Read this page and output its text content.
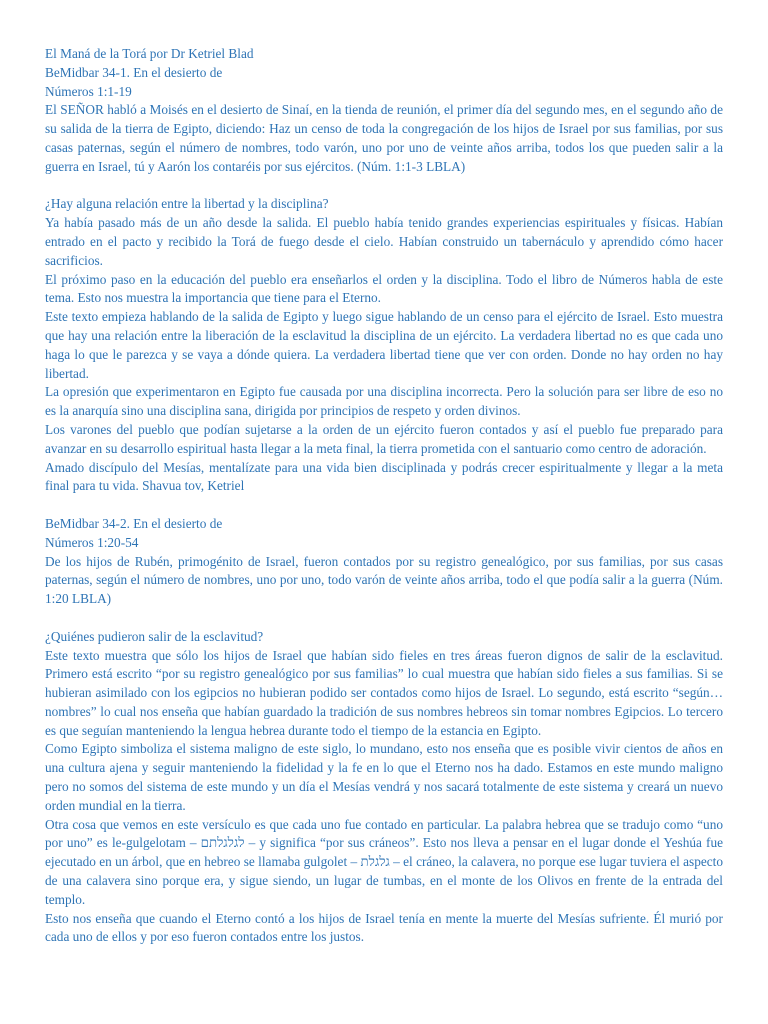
El Maná de la Torá por Dr Ketriel Blad

BeMidbar 34-1. En el desierto de

Números 1:1-19

El SEÑOR habló a Moisés en el desierto de Sinaí, en la tienda de reunión, el primer día del segundo mes, en el segundo año de su salida de la tierra de Egipto, diciendo: Haz un censo de toda la congregación de los hijos de Israel por sus familias, por sus casas paternas, según el número de nombres, todo varón, uno por uno de veinte años arriba, todos los que pueden salir a la guerra en Israel, tú y Aarón los contaréis por sus ejércitos. (Núm. 1:1-3 LBLA)

¿Hay alguna relación entre la libertad y la disciplina?

Ya había pasado más de un año desde la salida. El pueblo había tenido grandes experiencias espirituales y físicas. Habían entrado en el pacto y recibido la Torá de fuego desde el cielo. Habían construido un tabernáculo y aprendido cómo hacer sacrificios.

El próximo paso en la educación del pueblo era enseñarlos el orden y la disciplina. Todo el libro de Números habla de este tema. Esto nos muestra la importancia que tiene para el Eterno.

Este texto empieza hablando de la salida de Egipto y luego sigue hablando de un censo para el ejército de Israel. Esto muestra que hay una relación entre la liberación de la esclavitud la disciplina de un ejército. La verdadera libertad no es que cada uno haga lo que le parezca y se vaya a dónde quiera. La verdadera libertad tiene que ver con orden. Donde no hay orden no hay libertad.

La opresión que experimentaron en Egipto fue causada por una disciplina incorrecta. Pero la solución para ser libre de eso no es la anarquía sino una disciplina sana, dirigida por principios de respeto y orden divinos.

Los varones del pueblo que podían sujetarse a la orden de un ejército fueron contados y así el pueblo fue preparado para avanzar en su desarrollo espiritual hasta llegar a la meta final, la tierra prometida con el santuario como centro de adoración.

Amado discípulo del Mesías, mentalízate para una vida bien disciplinada y podrás crecer espiritualmente y llegar a la meta final para tu vida. Shavua tov, Ketriel

BeMidbar 34-2. En el desierto de

Números 1:20-54

De los hijos de Rubén, primogénito de Israel, fueron contados por su registro genealógico, por sus familias, por sus casas paternas, según el número de nombres, uno por uno, todo varón de veinte años arriba, todo el que podía salir a la guerra (Núm. 1:20 LBLA)

¿Quiénes pudieron salir de la esclavitud?

Este texto muestra que sólo los hijos de Israel que habían sido fieles en tres áreas fueron dignos de salir de la esclavitud. Primero está escrito “por su registro genealógico por sus familias” lo cual muestra que habían sido fieles a sus familias. Si se hubieran asimilado con los egipcios no hubieran podido ser contados como hijos de Israel. Lo segundo, está escrito “según… nombres” lo cual nos enseña que habían guardado la tradición de sus nombres hebreos sin tomar nombres Egipcios. Lo tercero es que seguían manteniendo la lengua hebrea durante todo el tiempo de la estancia en Egipto.

Como Egipto simboliza el sistema maligno de este siglo, lo mundano, esto nos enseña que es posible vivir cientos de años en una cultura ajena y seguir manteniendo la fidelidad y la fe en lo que el Eterno nos ha dado. Estamos en este mundo maligno pero no somos del sistema de este mundo y un día el Mesías vendrá y nos sacará totalmente de este sistema y creará un nuevo orden mundial en la tierra.

Otra cosa que vemos en este versículo es que cada uno fue contado en particular. La palabra hebrea que se tradujo como “uno por uno” es le-gulgelotam – לגלגלתם – y significa “por sus cráneos”. Esto nos lleva a pensar en el lugar donde el Yeshúa fue ejecutado en un árbol, que en hebreo se llamaba gulgolet – גלגלת – el cráneo, la calavera, no porque ese lugar tuviera el aspecto de una calavera sino porque era, y sigue siendo, un lugar de tumbas, en el monte de los Olivos en frente de la entrada del templo.

Esto nos enseña que cuando el Eterno contó a los hijos de Israel tenía en mente la muerte del Mesías sufriente. Él murió por cada uno de ellos y por eso fueron contados entre los justos.
